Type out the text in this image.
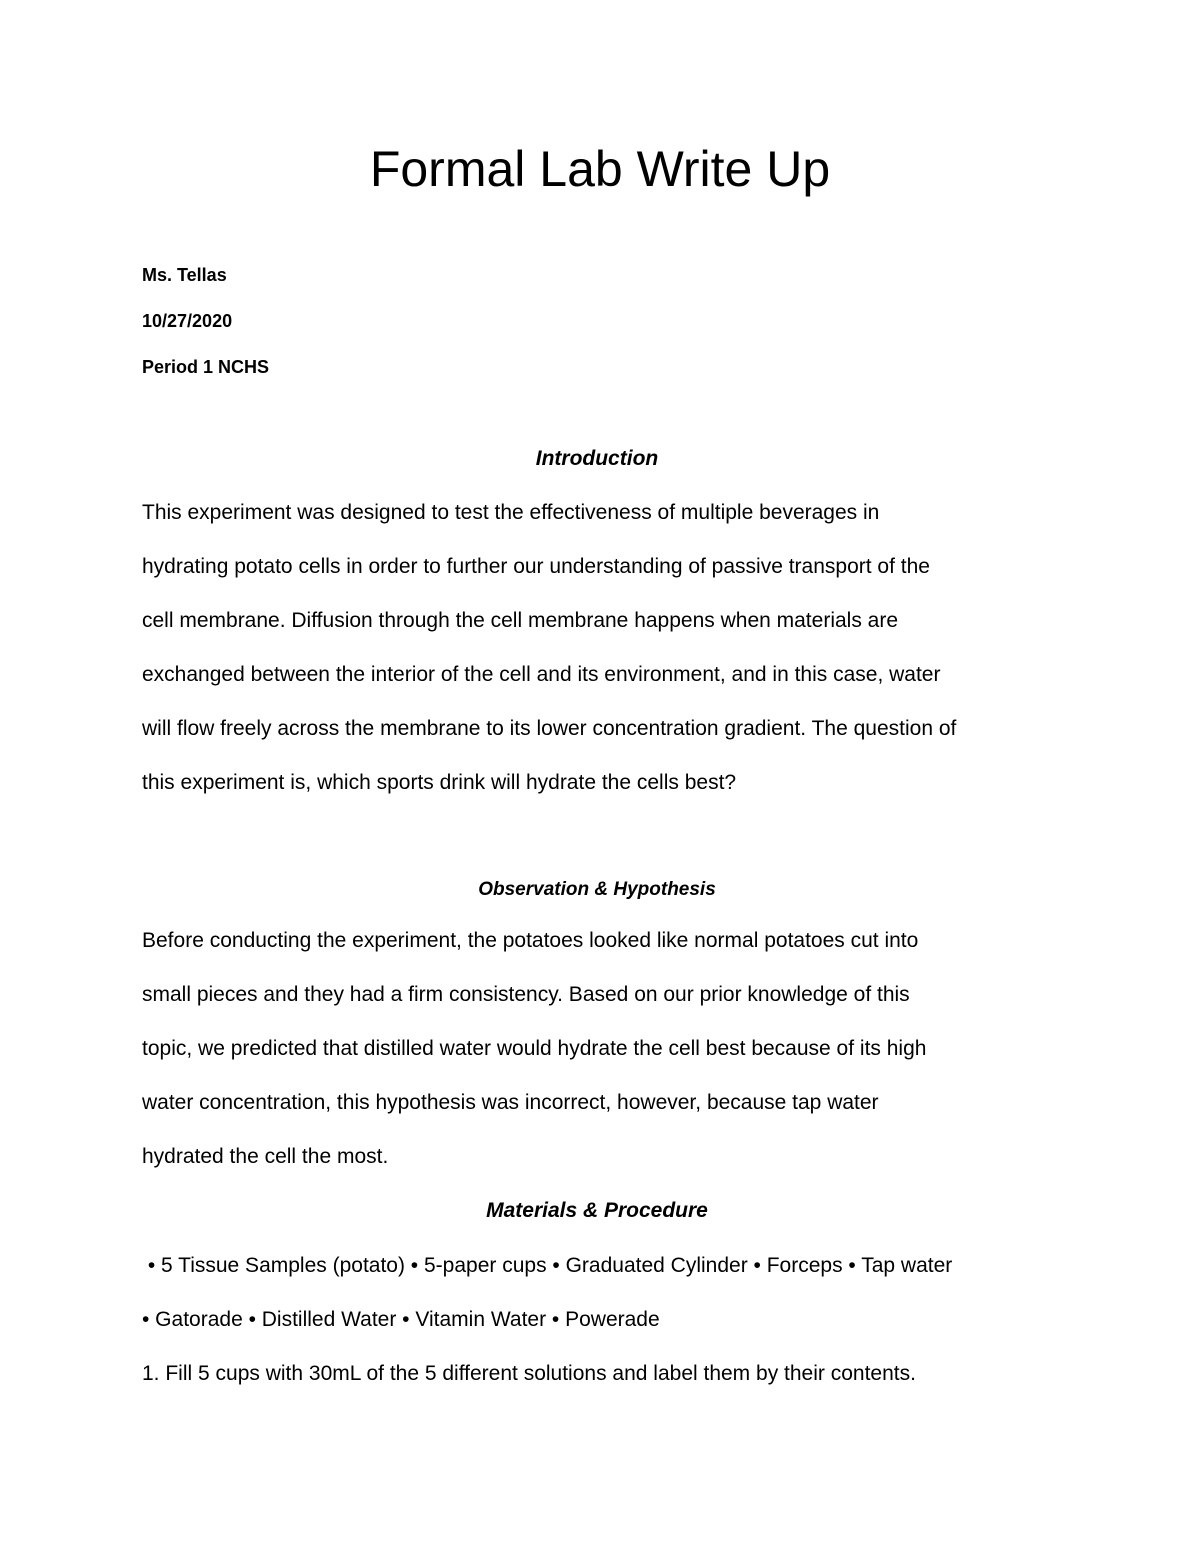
Formal Lab Write Up

Ms. Tellas

10/27/2020

Period 1 NCHS

Introduction
This experiment was designed to test the effectiveness of multiple beverages in
hydrating potato cells in order to further our understanding of passive transport of the
cell membrane. Diffusion through the cell membrane happens when materials are
exchanged between the interior of the cell and its environment, and in this case, water
will flow freely across the membrane to its lower concentration gradient. The question of
this experiment is, which sports drink will hydrate the cells best?
Observation & Hypothesis
Before conducting the experiment, the potatoes looked like normal potatoes cut into
small pieces and they had a firm consistency. Based on our prior knowledge of this
topic, we predicted that distilled water would hydrate the cell best because of its high
water concentration, this hypothesis was incorrect, however, because tap water
hydrated the cell the most.
Materials & Procedure
• 5 Tissue Samples (potato) • 5-paper cups • Graduated Cylinder • Forceps • Tap water
• Gatorade • Distilled Water • Vitamin Water • Powerade
1. Fill 5 cups with 30mL of the 5 different solutions and label them by their contents.
